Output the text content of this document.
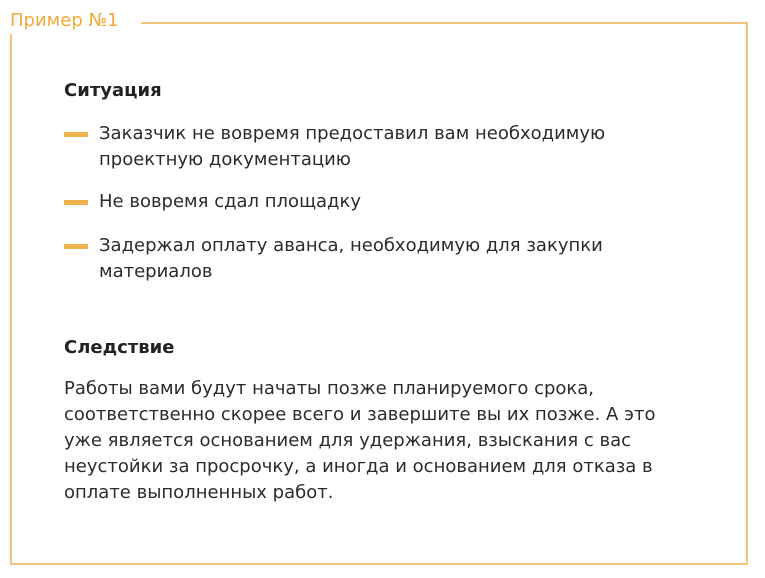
Пример №1
Ситуация
Заказчик не вовремя предоставил вам необходимую проектную документацию
Не вовремя сдал площадку
Задержал оплату аванса, необходимую для закупки материалов
Следствие

Работы вами будут начаты позже планируемого срока, соответственно скорее всего и завершите вы их позже. А это уже является основанием для удержания, взыскания с вас неустойки за просрочку, а иногда и основанием для отказа в оплате выполненных работ.
